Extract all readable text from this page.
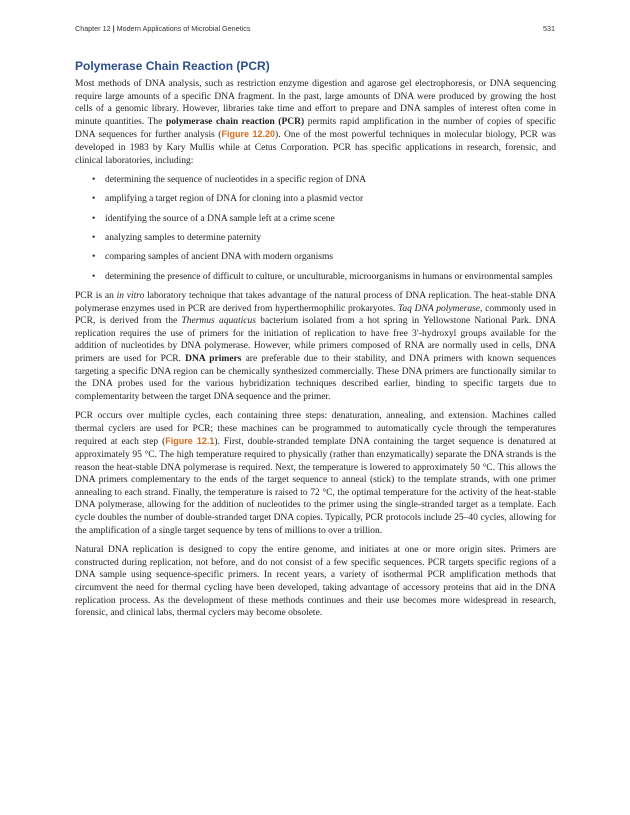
Chapter 12 | Modern Applications of Microbial Genetics	531
Polymerase Chain Reaction (PCR)

Most methods of DNA analysis, such as restriction enzyme digestion and agarose gel electrophoresis, or DNA sequencing require large amounts of a specific DNA fragment. In the past, large amounts of DNA were produced by growing the host cells of a genomic library. However, libraries take time and effort to prepare and DNA samples of interest often come in minute quantities. The polymerase chain reaction (PCR) permits rapid amplification in the number of copies of specific DNA sequences for further analysis (Figure 12.20). One of the most powerful techniques in molecular biology, PCR was developed in 1983 by Kary Mullis while at Cetus Corporation. PCR has specific applications in research, forensic, and clinical laboratories, including:

• determining the sequence of nucleotides in a specific region of DNA
• amplifying a target region of DNA for cloning into a plasmid vector
• identifying the source of a DNA sample left at a crime scene
• analyzing samples to determine paternity
• comparing samples of ancient DNA with modern organisms
• determining the presence of difficult to culture, or unculturable, microorganisms in humans or environmental samples

PCR is an in vitro laboratory technique that takes advantage of the natural process of DNA replication. The heat-stable DNA polymerase enzymes used in PCR are derived from hyperthermophilic prokaryotes. Taq DNA polymerase, commonly used in PCR, is derived from the Thermus aquaticus bacterium isolated from a hot spring in Yellowstone National Park. DNA replication requires the use of primers for the initiation of replication to have free 3′-hydroxyl groups available for the addition of nucleotides by DNA polymerase. However, while primers composed of RNA are normally used in cells, DNA primers are used for PCR. DNA primers are preferable due to their stability, and DNA primers with known sequences targeting a specific DNA region can be chemically synthesized commercially. These DNA primers are functionally similar to the DNA probes used for the various hybridization techniques described earlier, binding to specific targets due to complementarity between the target DNA sequence and the primer.

PCR occurs over multiple cycles, each containing three steps: denaturation, annealing, and extension. Machines called thermal cyclers are used for PCR; these machines can be programmed to automatically cycle through the temperatures required at each step (Figure 12.1). First, double-stranded template DNA containing the target sequence is denatured at approximately 95 °C. The high temperature required to physically (rather than enzymatically) separate the DNA strands is the reason the heat-stable DNA polymerase is required. Next, the temperature is lowered to approximately 50 °C. This allows the DNA primers complementary to the ends of the target sequence to anneal (stick) to the template strands, with one primer annealing to each strand. Finally, the temperature is raised to 72 °C, the optimal temperature for the activity of the heat-stable DNA polymerase, allowing for the addition of nucleotides to the primer using the single-stranded target as a template. Each cycle doubles the number of double-stranded target DNA copies. Typically, PCR protocols include 25–40 cycles, allowing for the amplification of a single target sequence by tens of millions to over a trillion.

Natural DNA replication is designed to copy the entire genome, and initiates at one or more origin sites. Primers are constructed during replication, not before, and do not consist of a few specific sequences. PCR targets specific regions of a DNA sample using sequence-specific primers. In recent years, a variety of isothermal PCR amplification methods that circumvent the need for thermal cycling have been developed, taking advantage of accessory proteins that aid in the DNA replication process. As the development of these methods continues and their use becomes more widespread in research, forensic, and clinical labs, thermal cyclers may become obsolete.
